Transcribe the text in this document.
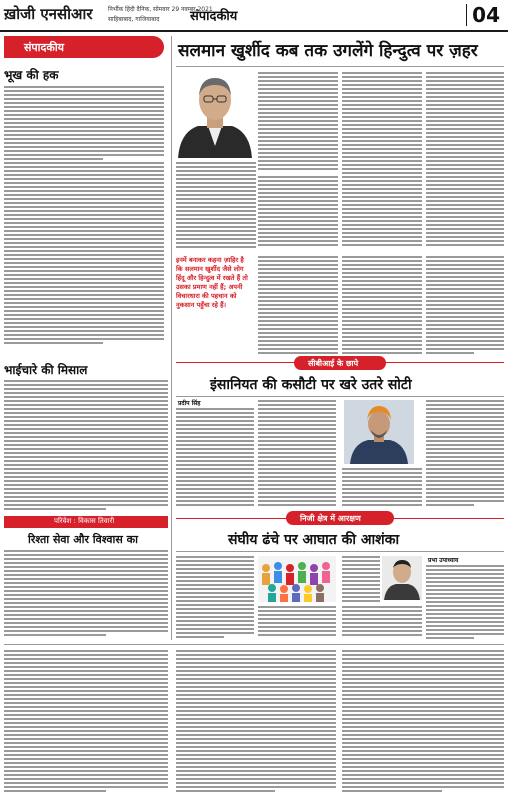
ख़ोजी एनसीआर	निर्भीक हिंदी दैनिक, सोमवार 29 नवम्बर 2021
साहिबाबाद, गाजियाबाद संपादकीय	04
संपादकीय
भूख की हक
भाईचारे की मिसाल
परिवेश : विकास तिवारी
रिश्ता सेवा और विश्वास का
सलमान खुर्शीद कब तक उगलेंगे हिन्दुत्व पर ज़हर
इनमें बनाकर कहना ज़ाहिर है कि सलमान खुर्शीद जैसे लोग हिंदू और हिन्दुत्व में रखते हैं तो उसका प्रमाण नहीं हैं; अपनी विचारधारा की पहचान को नुकसान पहुँचा रहे हैं।
सीबीआई के छापे
इंसानियत की कसौटी पर खरे उतरे सोटी
प्रदीप सिंह
निजी क्षेत्र में आरक्षण
संघीय ढंचे पर आघात की आशंका
प्रभा उपाध्याय
